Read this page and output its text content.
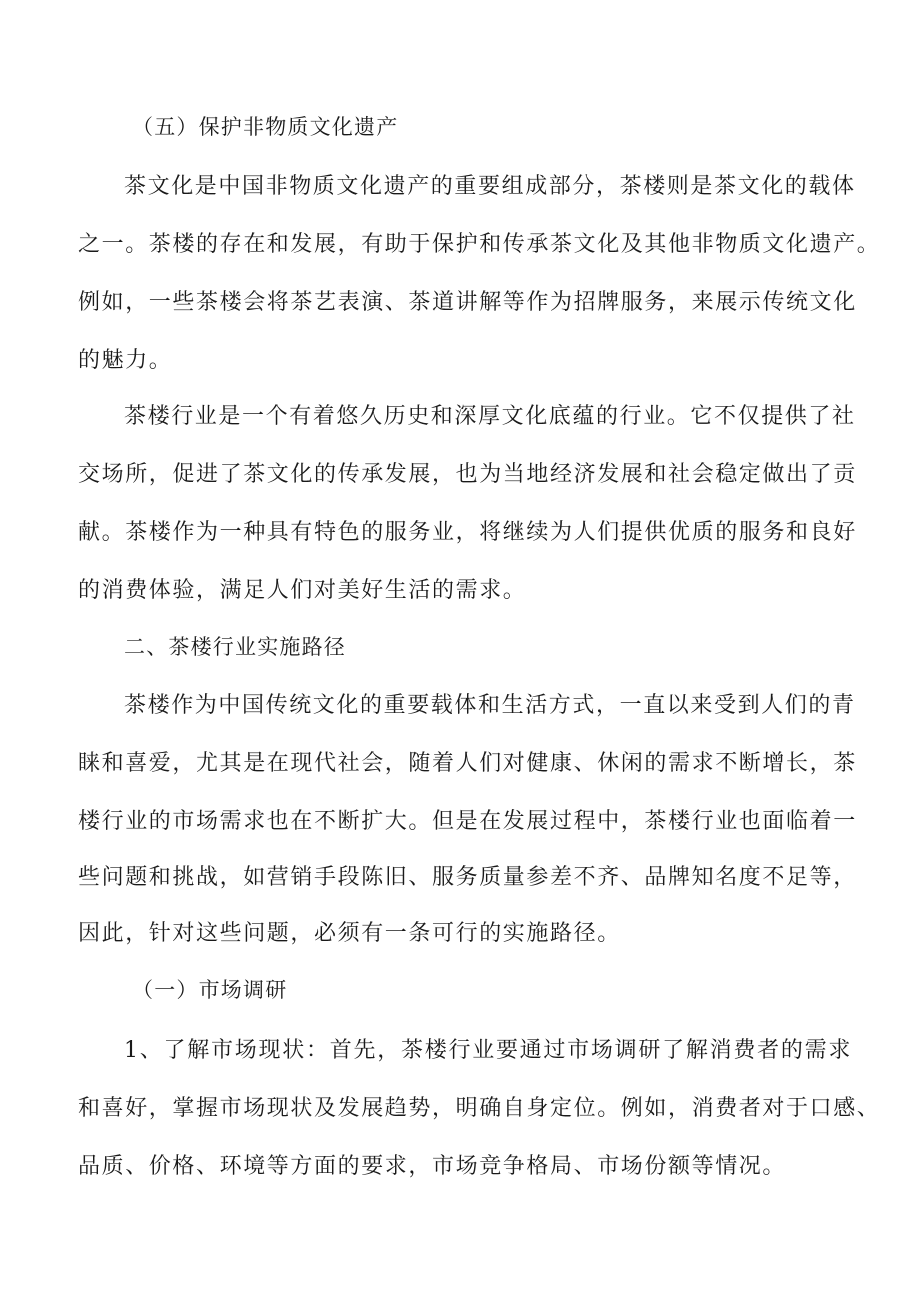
（五）保护非物质文化遗产
茶文化是中国非物质文化遗产的重要组成部分，茶楼则是茶文化的载体
之一。茶楼的存在和发展，有助于保护和传承茶文化及其他非物质文化遗产。
例如，一些茶楼会将茶艺表演、茶道讲解等作为招牌服务，来展示传统文化
的魅力。
茶楼行业是一个有着悠久历史和深厚文化底蕴的行业。它不仅提供了社
交场所，促进了茶文化的传承发展，也为当地经济发展和社会稳定做出了贡
献。茶楼作为一种具有特色的服务业，将继续为人们提供优质的服务和良好
的消费体验，满足人们对美好生活的需求。
二、茶楼行业实施路径
茶楼作为中国传统文化的重要载体和生活方式，一直以来受到人们的青
睐和喜爱，尤其是在现代社会，随着人们对健康、休闲的需求不断增长，茶
楼行业的市场需求也在不断扩大。但是在发展过程中，茶楼行业也面临着一
些问题和挑战，如营销手段陈旧、服务质量参差不齐、品牌知名度不足等，
因此，针对这些问题，必须有一条可行的实施路径。
（一）市场调研
1、了解市场现状：首先，茶楼行业要通过市场调研了解消费者的需求
和喜好，掌握市场现状及发展趋势，明确自身定位。例如，消费者对于口感、
品质、价格、环境等方面的要求，市场竞争格局、市场份额等情况。
